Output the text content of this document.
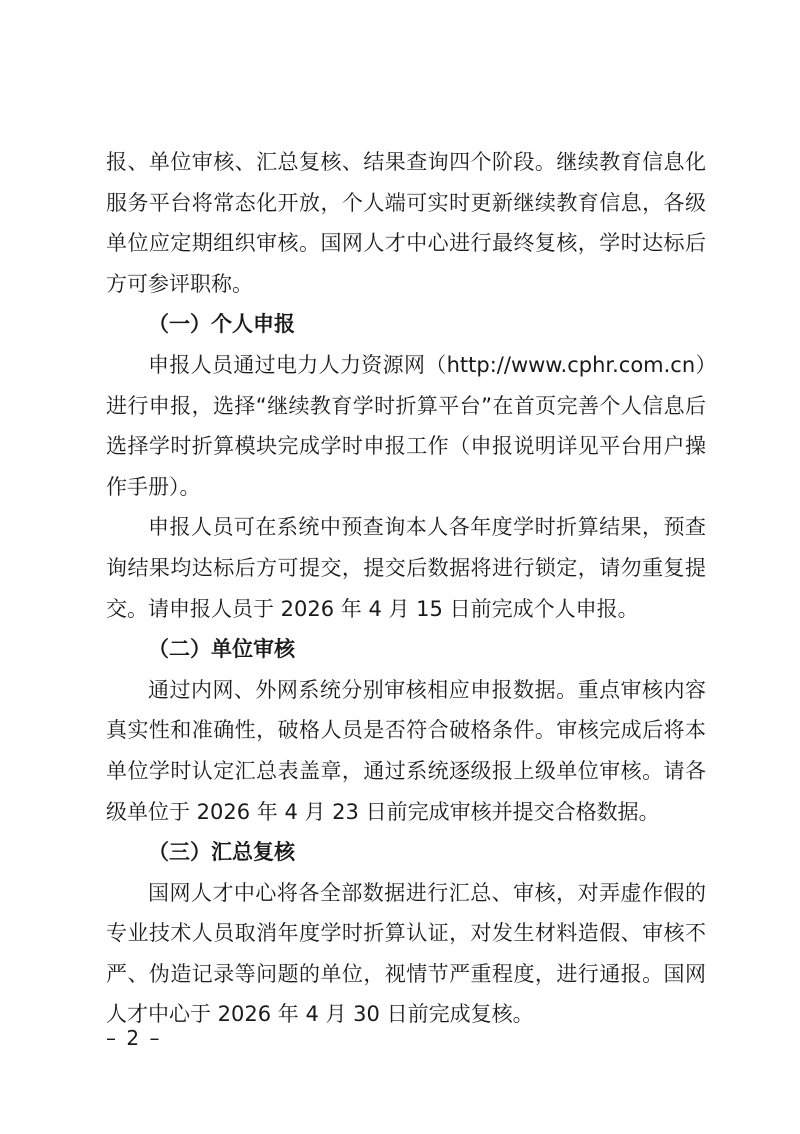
报、单位审核、汇总复核、结果查询四个阶段。继续教育信息化服务平台将常态化开放，个人端可实时更新继续教育信息，各级单位应定期组织审核。国网人才中心进行最终复核，学时达标后方可参评职称。

（一）个人申报

申报人员通过电力人力资源网（http://www.cphr.com.cn）进行申报，选择“继续教育学时折算平台”在首页完善个人信息后选择学时折算模块完成学时申报工作（申报说明详见平台用户操作手册）。

申报人员可在系统中预查询本人各年度学时折算结果，预查询结果均达标后方可提交，提交后数据将进行锁定，请勿重复提交。请申报人员于 2026 年 4 月 15 日前完成个人申报。

（二）单位审核

通过内网、外网系统分别审核相应申报数据。重点审核内容真实性和准确性，破格人员是否符合破格条件。审核完成后将本单位学时认定汇总表盖章，通过系统逐级报上级单位审核。请各级单位于 2026 年 4 月 23 日前完成审核并提交合格数据。

（三）汇总复核

国网人才中心将各全部数据进行汇总、审核，对弄虚作假的专业技术人员取消年度学时折算认证，对发生材料造假、审核不严、伪造记录等问题的单位，视情节严重程度，进行通报。国网人才中心于 2026 年 4 月 30 日前完成复核。

– 2 –
